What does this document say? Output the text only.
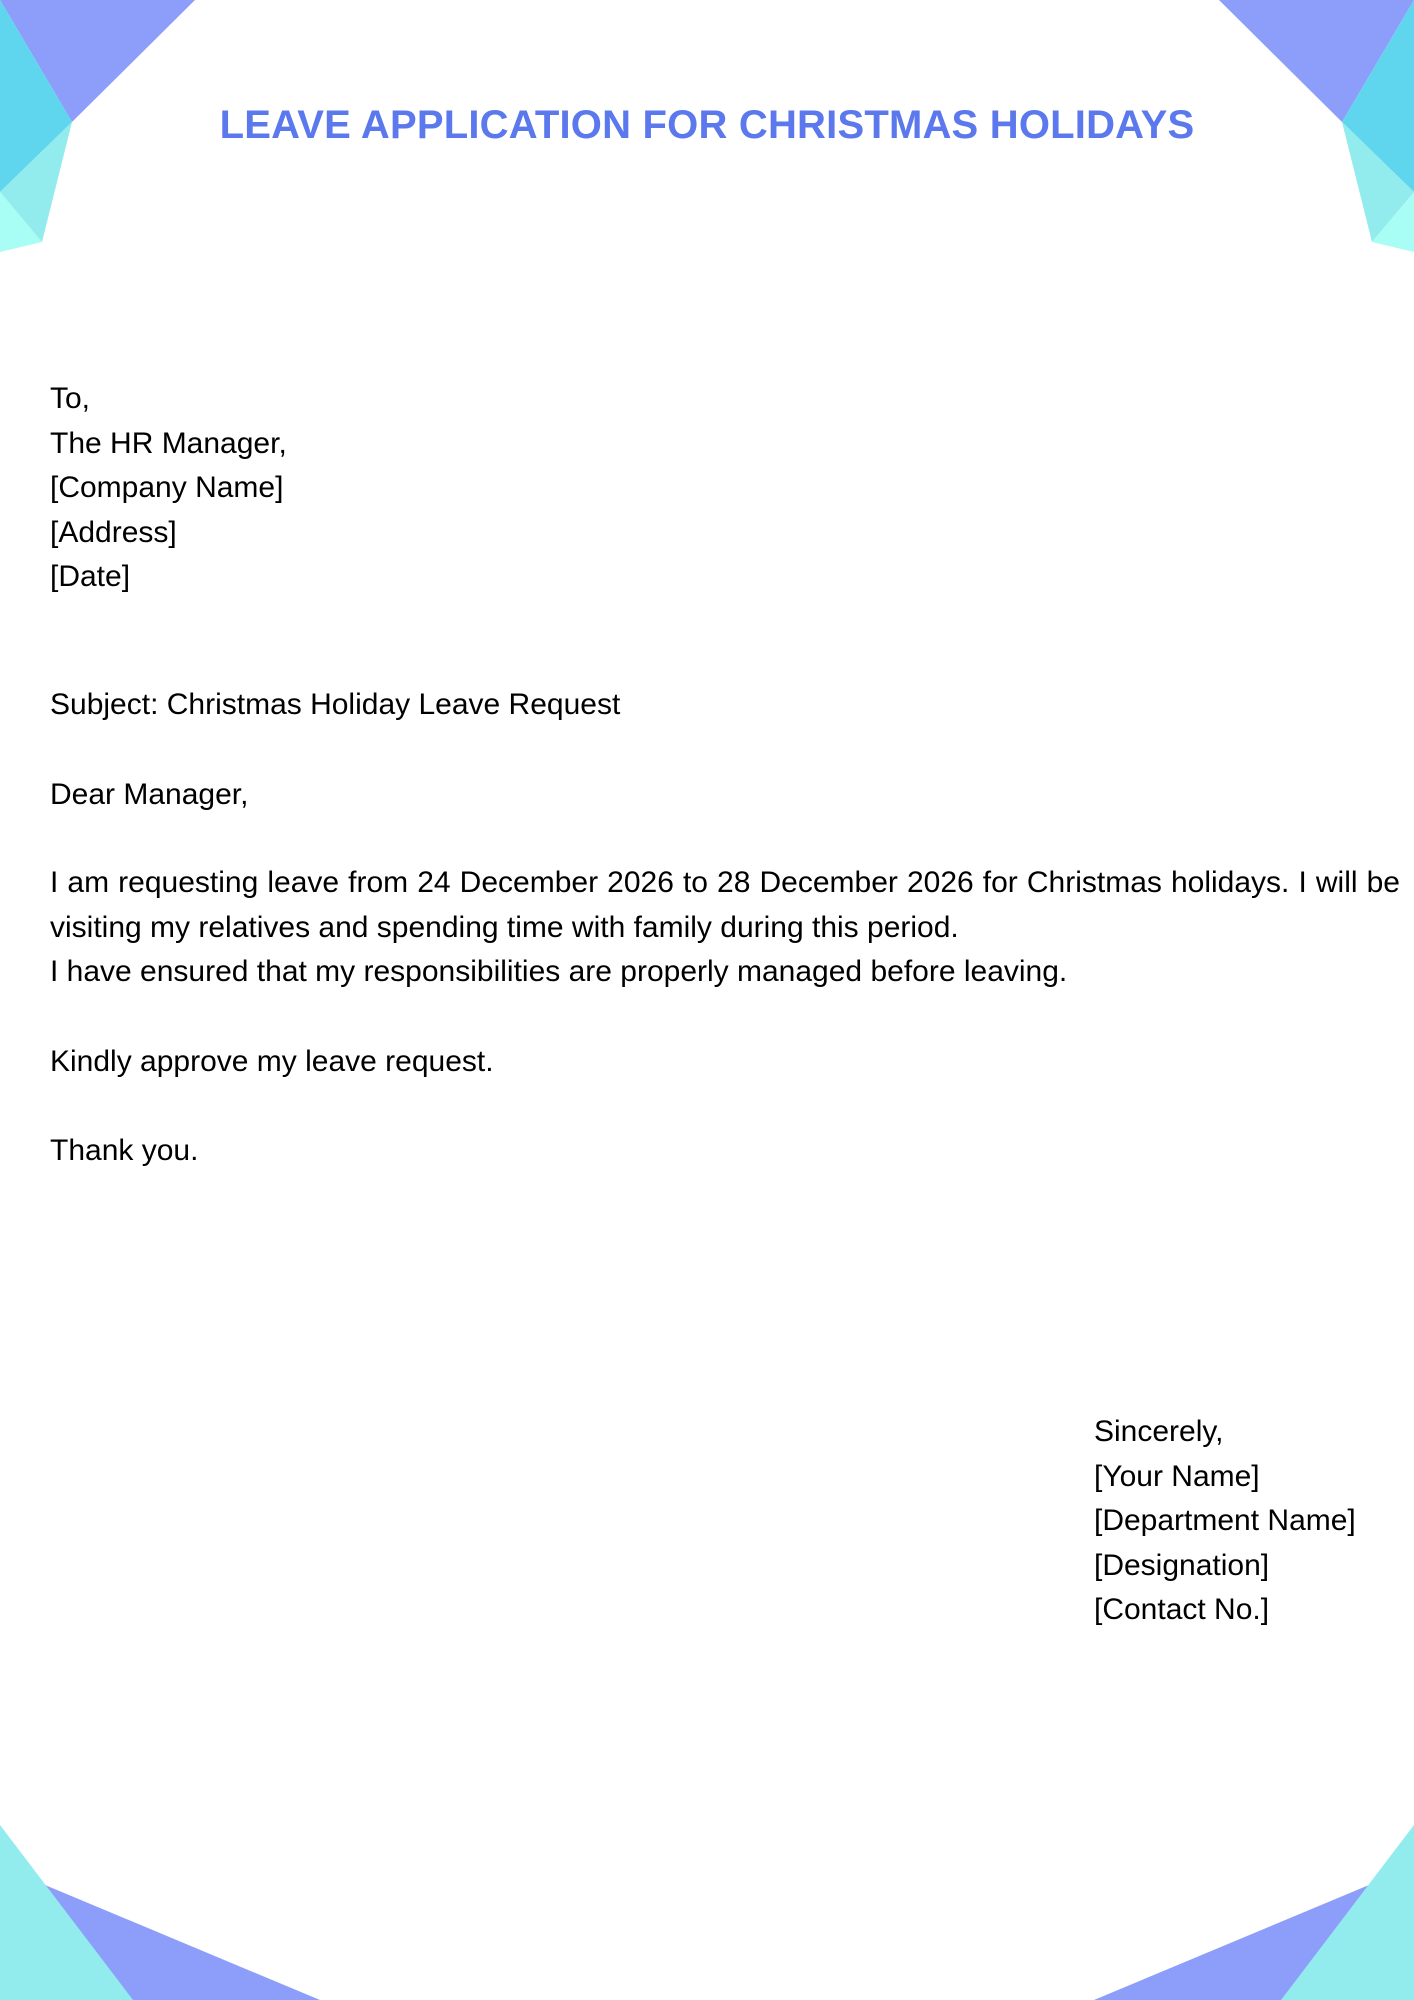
LEAVE APPLICATION FOR CHRISTMAS HOLIDAYS
To,
The HR Manager,
[Company Name]
[Address]
[Date]
Subject: Christmas Holiday Leave Request
Dear Manager,
I am requesting leave from 24 December 2026 to 28 December 2026 for Christmas holidays. I will be visiting my relatives and spending time with family during this period.
I have ensured that my responsibilities are properly managed before leaving.
Kindly approve my leave request.
Thank you.
Sincerely,
[Your Name]
[Department Name]
[Designation]
[Contact No.]
